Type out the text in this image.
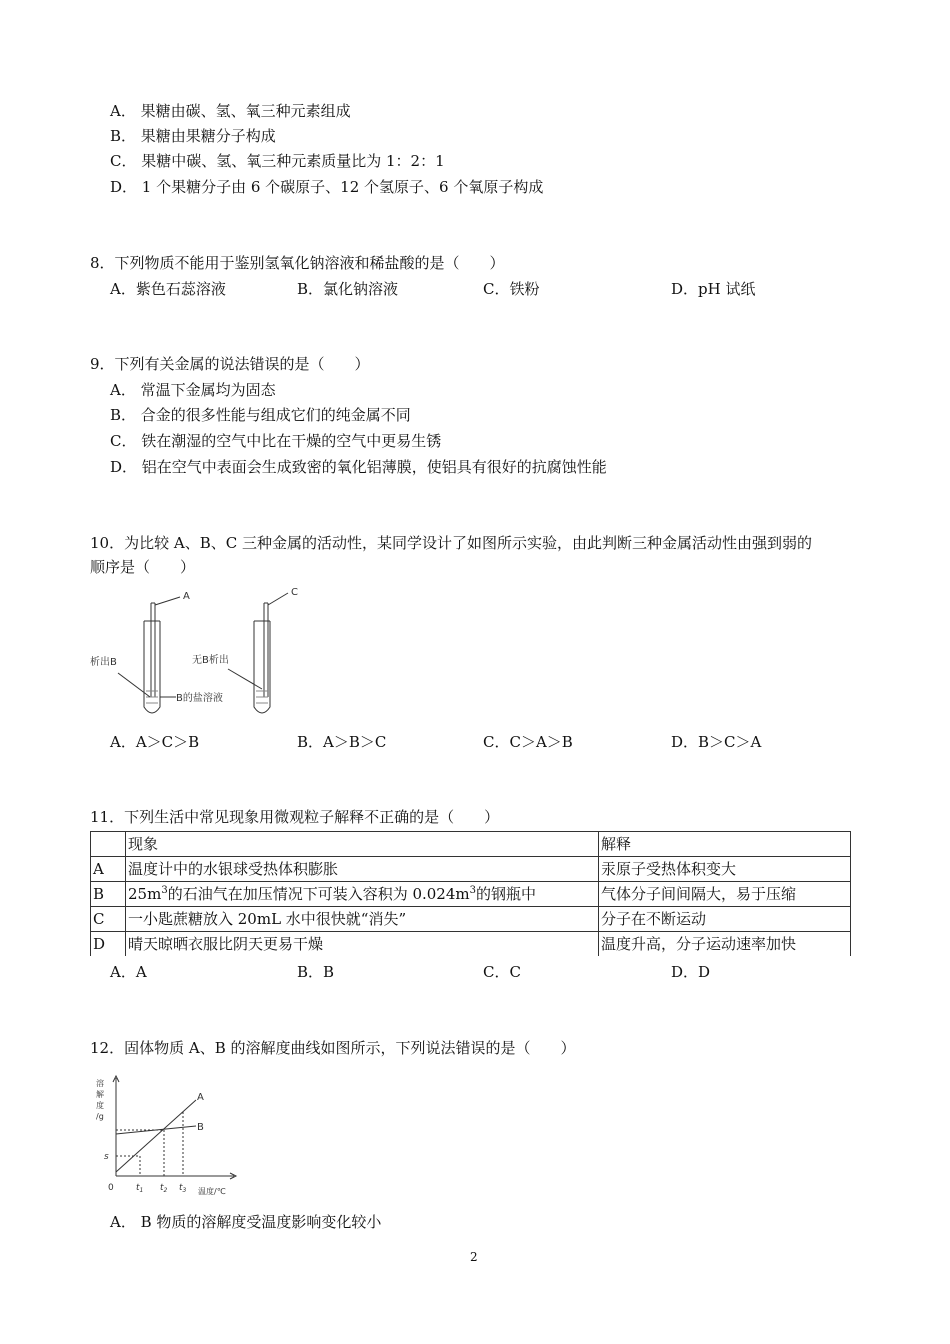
A． 果糖由碳、氢、氧三种元素组成
B． 果糖由果糖分子构成
C． 果糖中碳、氢、氧三种元素质量比为 1：2：1
D． 1 个果糖分子由 6 个碳原子、12 个氢原子、6 个氧原子构成
8．下列物质不能用于鉴别氢氧化钠溶液和稀盐酸的是（　　）
A．紫色石蕊溶液	B．氯化钠溶液	C．铁粉	D．pH 试纸
9．下列有关金属的说法错误的是（　　）
A． 常温下金属均为固态
B． 合金的很多性能与组成它们的纯金属不同
C． 铁在潮湿的空气中比在干燥的空气中更易生锈
D． 铝在空气中表面会生成致密的氧化铝薄膜，使铝具有很好的抗腐蚀性能
10．为比较 A、B、C 三种金属的活动性，某同学设计了如图所示实验，由此判断三种金属活动性由强到弱的
顺序是（　　）
A	C
析出B
B的盐溶液
无B析出
A．A＞C＞B	B．A＞B＞C	C．C＞A＞B	D．B＞C＞A
11．下列生活中常见现象用微观粒子解释不正确的是（　　）
	现象	解释
A	温度计中的水银球受热体积膨胀	汞原子受热体积变大
B	$25m^3$的石油气在加压情况下可装入容积为 $0.024m^3$的钢瓶中	气体分子间间隔大，易于压缩
C	一小匙蔗糖放入 20mL 水中很快就“消失”	分子在不断运动
D	晴天晾晒衣服比阴天更易干燥	温度升高，分子运动速率加快
A．A	B．B	C．C	D．D
12．固体物质 A、B 的溶解度曲线如图所示，下列说法错误的是（　　）
溶
解
度
/g
s
0 $t_1$ $t_2$ $t_3$ 温度/℃
A
B
A． B 物质的溶解度受温度影响变化较小
2
